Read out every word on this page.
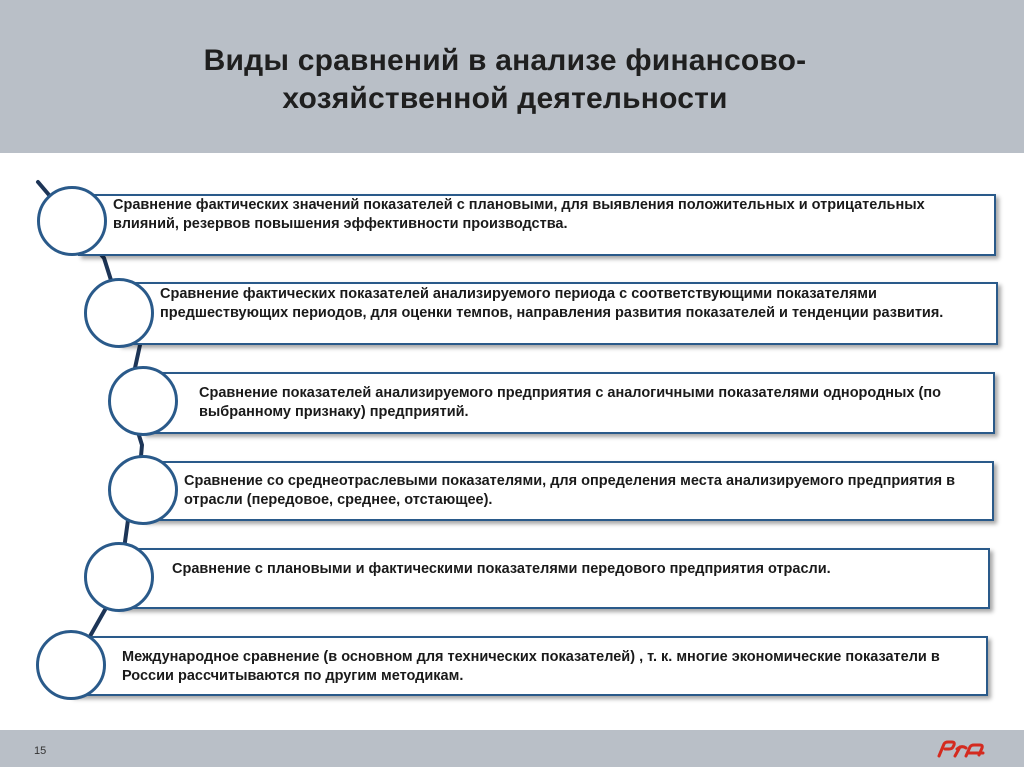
Виды сравнений в анализе финансово-хозяйственной деятельности
Сравнение фактических значений показателей с плановыми, для выявления положительных и отрицательных влияний, резервов повышения эффективности производства.
Сравнение фактических показателей анализируемого периода с соответствующими показателями предшествующих периодов, для оценки темпов, направления развития показателей и тенденции развития.
Сравнение показателей анализируемого предприятия с аналогичными показателями однородных (по выбранному признаку) предприятий.
Сравнение со среднеотраслевыми показателями, для определения места анализируемого предприятия в отрасли (передовое, среднее, отстающее).
Сравнение с плановыми и фактическими показателями передового предприятия отрасли.
Международное сравнение (в основном для технических показателей) , т. к. многие экономические показатели в России рассчитываются по другим методикам.
15
